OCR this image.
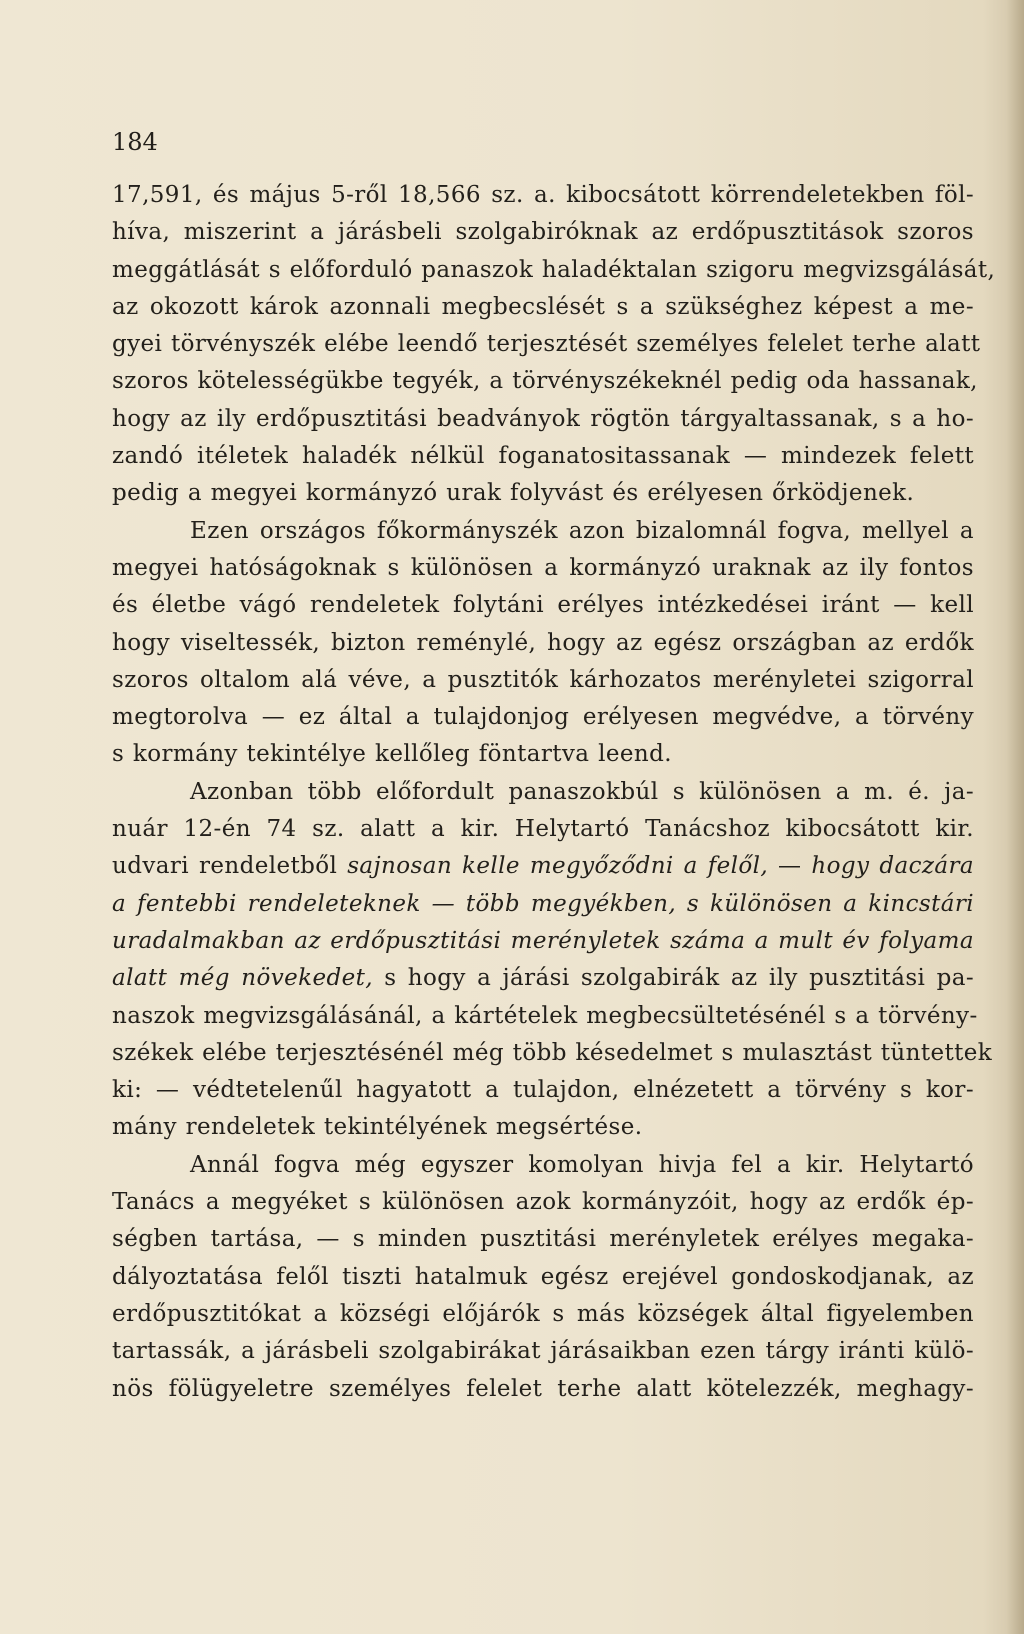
184
17,591, és május 5-ről 18,566 sz. a. kibocsátott körrendeletekben föl-
híva, miszerint a járásbeli szolgabiróknak az erdőpusztitások szoros
meggátlását s előforduló panaszok haladéktalan szigoru megvizsgálását,
az okozott károk azonnali megbecslését s a szükséghez képest a me-
gyei törvényszék elébe leendő terjesztését személyes felelet terhe alatt
szoros kötelességükbe tegyék, a törvényszékeknél pedig oda hassanak,
hogy az ily erdőpusztitási beadványok rögtön tárgyaltassanak, s a ho-
zandó itéletek haladék nélkül foganatositassanak — mindezek felett
pedig a megyei kormányzó urak folyvást és erélyesen őrködjenek.
Ezen országos főkormányszék azon bizalomnál fogva, mellyel a
megyei hatóságoknak s különösen a kormányzó uraknak az ily fontos
és életbe vágó rendeletek folytáni erélyes intézkedései iránt — kell
hogy viseltessék, bizton reménylé, hogy az egész országban az erdők
szoros oltalom alá véve, a pusztitók kárhozatos merényletei szigorral
megtorolva — ez által a tulajdonjog erélyesen megvédve, a törvény
s kormány tekintélye kellőleg föntartva leend.
Azonban több előfordult panaszokbúl s különösen a m. é. ja-
nuár 12-én 74 sz. alatt a kir. Helytartó Tanácshoz kibocsátott kir.
udvari rendeletből sajnosan kelle megyőződni a felől, — hogy daczára
a fentebbi rendeleteknek — több megyékben, s különösen a kincstári
uradalmakban az erdőpusztitási merényletek száma a mult év folyama
alatt még növekedet, s hogy a járási szolgabirák az ily pusztitási pa-
naszok megvizsgálásánál, a kártételek megbecsültetésénél s a törvény-
székek elébe terjesztésénél még több késedelmet s mulasztást tüntettek
ki: — védtetelenűl hagyatott a tulajdon, elnézetett a törvény s kor-
mány rendeletek tekintélyének megsértése.
Annál fogva még egyszer komolyan hivja fel a kir. Helytartó
Tanács a megyéket s különösen azok kormányzóit, hogy az erdők ép-
ségben tartása, — s minden pusztitási merényletek erélyes megaka-
dályoztatása felől tiszti hatalmuk egész erejével gondoskodjanak, az
erdőpusztitókat a községi előjárók s más községek által figyelemben
tartassák, a járásbeli szolgabirákat járásaikban ezen tárgy iránti külö-
nös fölügyeletre személyes felelet terhe alatt kötelezzék, meghagy-
